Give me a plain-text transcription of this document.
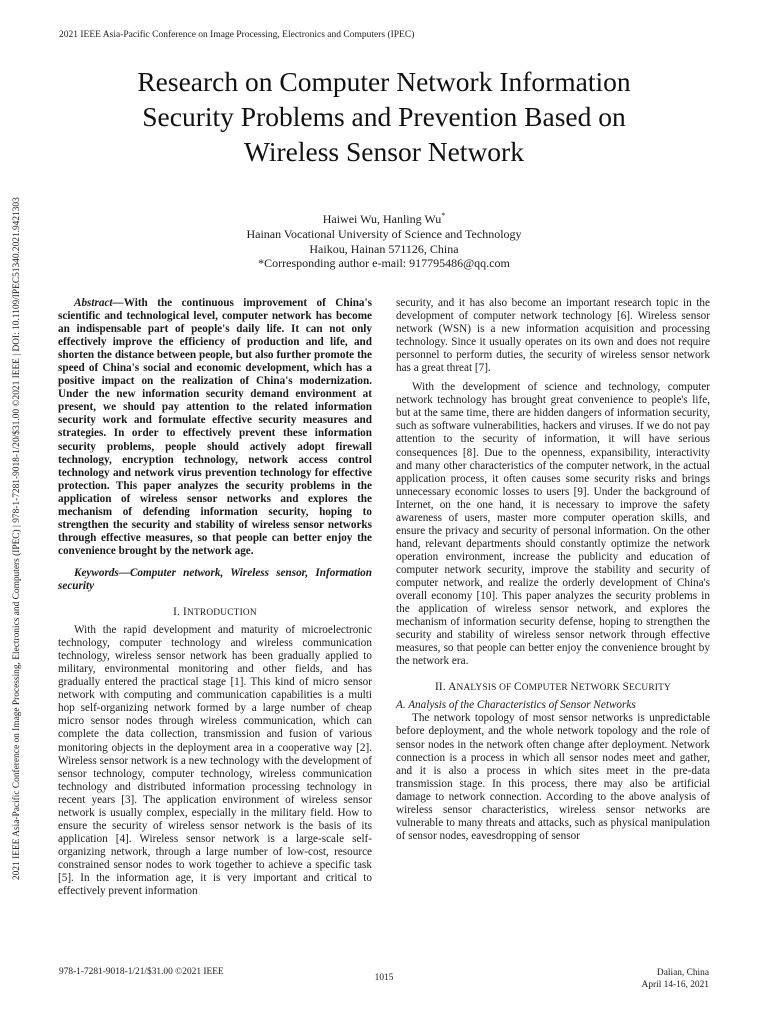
2021 IEEE Asia-Pacific Conference on Image Processing, Electronics and Computers (IPEC)
2021 IEEE Asia-Pacific Conference on Image Processing, Electronics and Computers (IPEC) | 978-1-7281-9018-1/20/$31.00 ©2021 IEEE | DOI: 10.1109/IPEC51340.2021.9421303
Research on Computer Network Information
Security Problems and Prevention Based on
Wireless Sensor Network
Haiwei Wu, Hanling Wu*
Hainan Vocational University of Science and Technology
Haikou, Hainan 571126, China
*Corresponding author e-mail: 917795486@qq.com

Abstract—With the continuous improvement of China's scientific and technological level, computer network has become an indispensable part of people's daily life. It can not only effectively improve the efficiency of production and life, and shorten the distance between people, but also further promote the speed of China's social and economic development, which has a positive impact on the realization of China's modernization. Under the new information security demand environment at present, we should pay attention to the related information security work and formulate effective security measures and strategies. In order to effectively prevent these information security problems, people should actively adopt firewall technology, encryption technology, network access control technology and network virus prevention technology for effective protection. This paper analyzes the security problems in the application of wireless sensor networks and explores the mechanism of defending information security, hoping to strengthen the security and stability of wireless sensor networks through effective measures, so that people can better enjoy the convenience brought by the network age.

Keywords—Computer network, Wireless sensor, Information security

I. INTRODUCTION

With the rapid development and maturity of microelectronic technology, computer technology and wireless communication technology, wireless sensor network has been gradually applied to military, environmental monitoring and other fields, and has gradually entered the practical stage [1]. This kind of micro sensor network with computing and communication capabilities is a multi hop self-organizing network formed by a large number of cheap micro sensor nodes through wireless communication, which can complete the data collection, transmission and fusion of various monitoring objects in the deployment area in a cooperative way [2]. Wireless sensor network is a new technology with the development of sensor technology, computer technology, wireless communication technology and distributed information processing technology in recent years [3]. The application environment of wireless sensor network is usually complex, especially in the military field. How to ensure the security of wireless sensor network is the basis of its application [4]. Wireless sensor network is a large-scale self-organizing network, through a large number of low-cost, resource constrained sensor nodes to work together to achieve a specific task [5]. In the information age, it is very important and critical to effectively prevent information

security, and it has also become an important research topic in the development of computer network technology [6]. Wireless sensor network (WSN) is a new information acquisition and processing technology. Since it usually operates on its own and does not require personnel to perform duties, the security of wireless sensor network has a great threat [7].

With the development of science and technology, computer network technology has brought great convenience to people's life, but at the same time, there are hidden dangers of information security, such as software vulnerabilities, hackers and viruses. If we do not pay attention to the security of information, it will have serious consequences [8]. Due to the openness, expansibility, interactivity and many other characteristics of the computer network, in the actual application process, it often causes some security risks and brings unnecessary economic losses to users [9]. Under the background of Internet, on the one hand, it is necessary to improve the safety awareness of users, master more computer operation skills, and ensure the privacy and security of personal information. On the other hand, relevant departments should constantly optimize the network operation environment, increase the publicity and education of computer network security, improve the stability and security of computer network, and realize the orderly development of China's overall economy [10]. This paper analyzes the security problems in the application of wireless sensor network, and explores the mechanism of information security defense, hoping to strengthen the security and stability of wireless sensor network through effective measures, so that people can better enjoy the convenience brought by the network era.

II. ANALYSIS OF COMPUTER NETWORK SECURITY

A. Analysis of the Characteristics of Sensor Networks

The network topology of most sensor networks is unpredictable before deployment, and the whole network topology and the role of sensor nodes in the network often change after deployment. Network connection is a process in which all sensor nodes meet and gather, and it is also a process in which sites meet in the pre-data transmission stage. In this process, there may also be artificial damage to network connection. According to the above analysis of wireless sensor characteristics, wireless sensor networks are vulnerable to many threats and attacks, such as physical manipulation of sensor nodes, eavesdropping of sensor

978-1-7281-9018-1/21/$31.00 ©2021 IEEE
1015	Dalian, China
April 14-16, 2021
